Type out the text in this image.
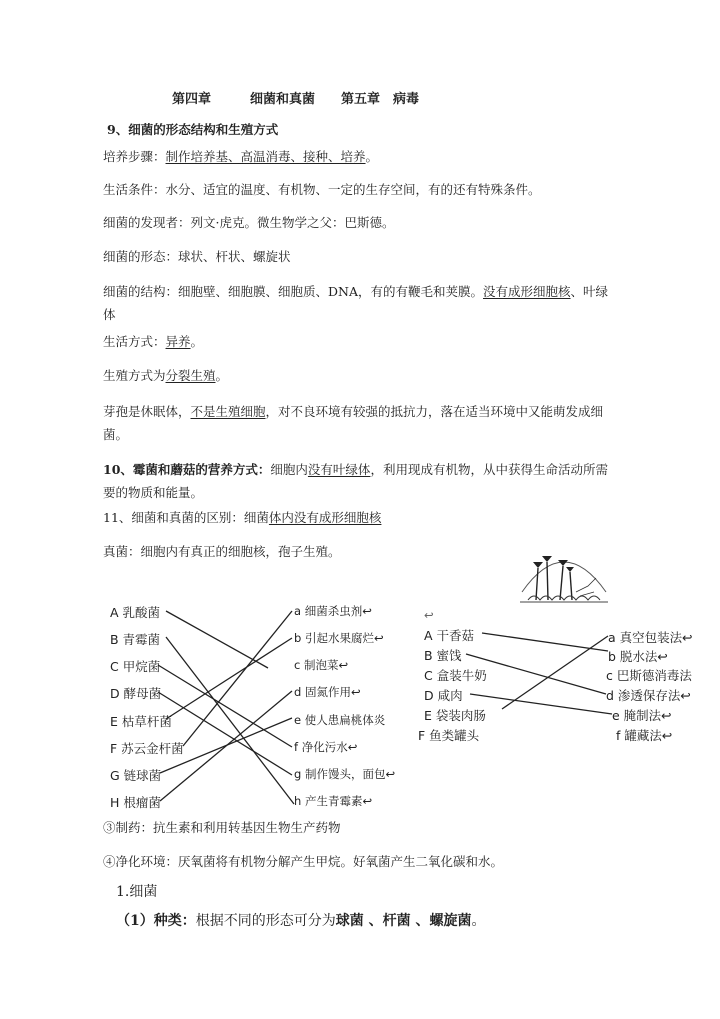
第四章　　　细菌和真菌　　第五章　病毒
9、细菌的形态结构和生殖方式
培养步骤：制作培养基、高温消毒、接种、培养。
生活条件：水分、适宜的温度、有机物、一定的生存空间，有的还有特殊条件。
细菌的发现者：列文·虎克。微生物学之父：巴斯德。
细菌的形态：球状、杆状、螺旋状
细菌的结构：细胞壁、细胞膜、细胞质、DNA，有的有鞭毛和荚膜。没有成形细胞核、叶绿
体
生活方式：异养。
生殖方式为分裂生殖。
芽孢是休眠体，不是生殖细胞，对不良环境有较强的抵抗力，落在适当环境中又能萌发成细
菌。
10、霉菌和蘑菇的营养方式：细胞内没有叶绿体，利用现成有机物，从中获得生命活动所需
要的物质和能量。
11、细菌和真菌的区别：细菌体内没有成形细胞核
真菌：细胞内有真正的细胞核，孢子生殖。
A 乳酸菌
B 青霉菌
C 甲烷菌
D 酵母菌
E 枯草杆菌
F 苏云金杆菌
G 链球菌
H 根瘤菌
a 细菌杀虫剂↩
b 引起水果腐烂↩
c 制泡菜↩
d 固氮作用↩
e 使人患扁桃体炎
f 净化污水↩
g 制作馒头，面包↩
h 产生青霉素↩
↩
A 干香菇
B 蜜饯
C 盒装牛奶
D 咸肉
E 袋装肉肠
F 鱼类罐头
a 真空包装法↩
b 脱水法↩
c 巴斯德消毒法
d 渗透保存法↩
e 腌制法↩
f 罐藏法↩
③制药：抗生素和利用转基因生物生产药物
④净化环境：厌氧菌将有机物分解产生甲烷。好氧菌产生二氧化碳和水。
1.细菌
（1）种类：根据不同的形态可分为球菌 、杆菌 、螺旋菌。
